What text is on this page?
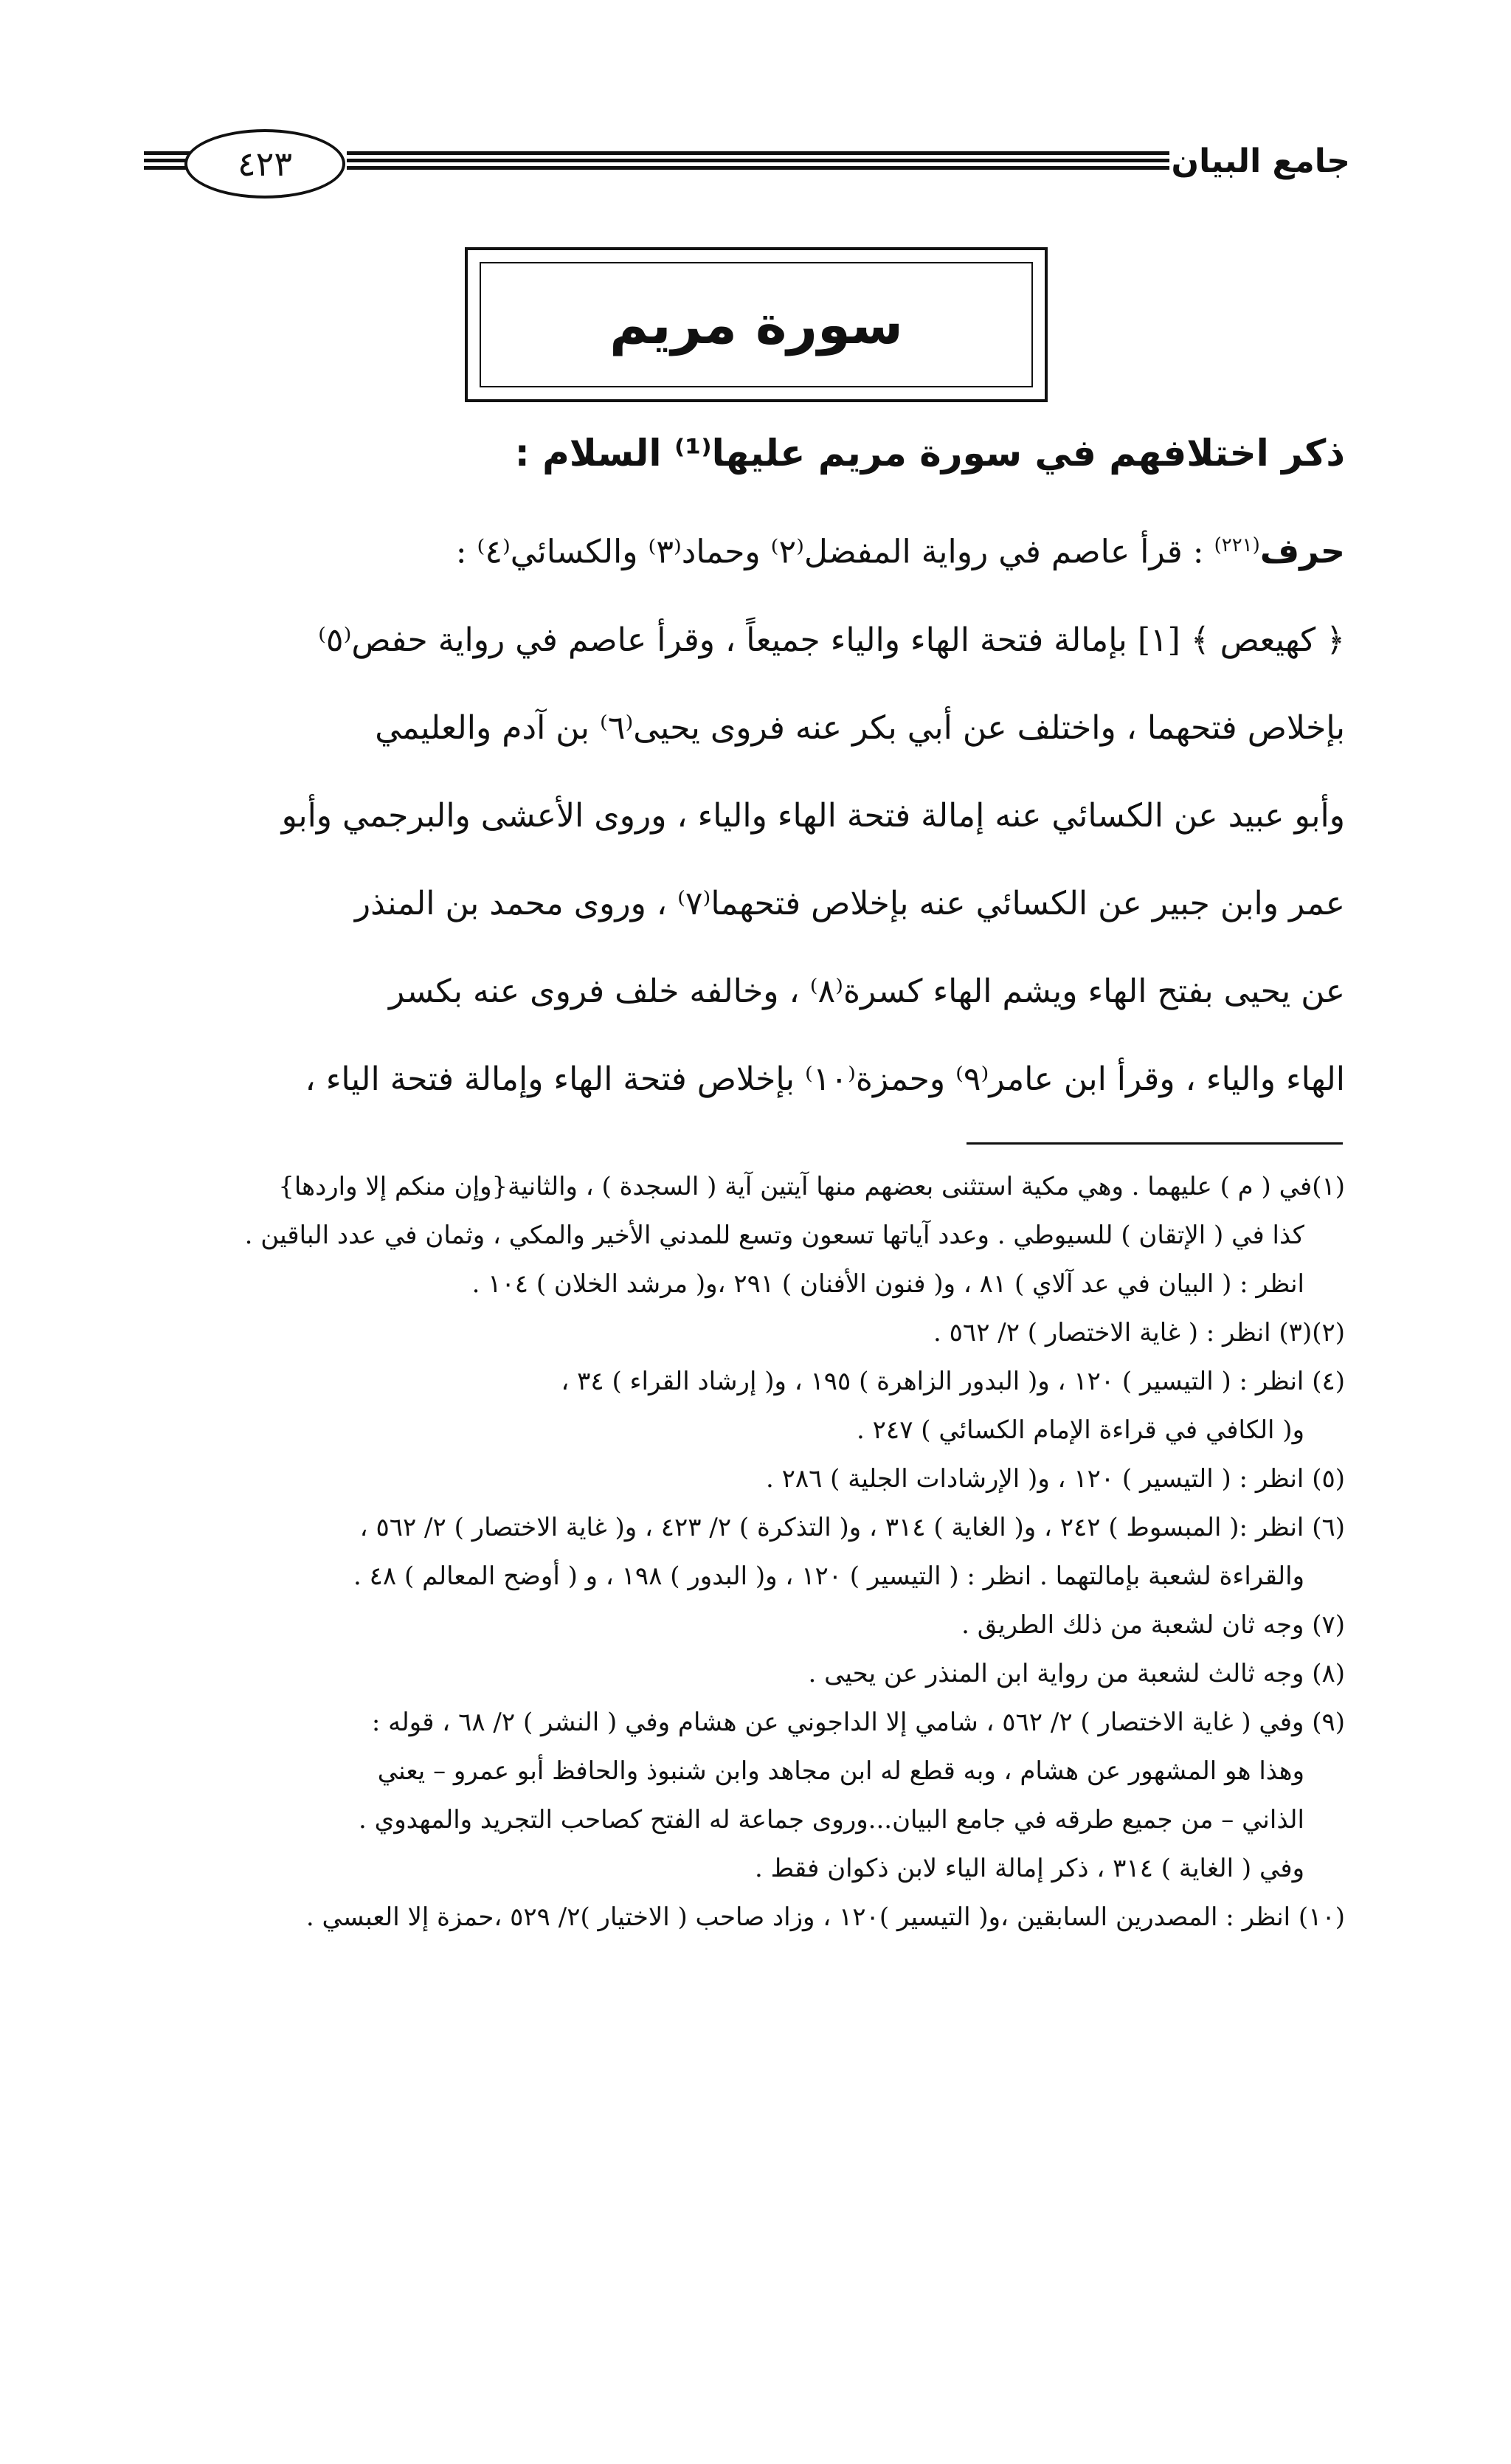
جامع البيان
٤٢٣
سورة مريم
ذكر اختلافهم في سورة مريم عليها⁽¹⁾ السلام :

حرف$^{(٢٢١)}$ : قرأ عاصم في رواية المفضل⁽٢⁾ وحماد⁽٣⁾ والكسائي⁽٤⁾ :

﴿ كهيعص ﴾ [١] بإمالة فتحة الهاء والياء جميعاً ، وقرأ عاصم في رواية حفص⁽٥⁾

بإخلاص فتحهما ، واختلف عن أبي بكر عنه فروى يحيى⁽٦⁾ بن آدم والعليمي

وأبو عبيد عن الكسائي عنه إمالة فتحة الهاء والياء ، وروى الأعشى والبرجمي وأبو

عمر وابن جبير عن الكسائي عنه بإخلاص فتحهما⁽٧⁾ ، وروى محمد بن المنذر

عن يحيى بفتح الهاء ويشم الهاء كسرة⁽٨⁾ ، وخالفه خلف فروى عنه بكسر

الهاء والياء ، وقرأ ابن عامر⁽٩⁾ وحمزة⁽١٠⁾ بإخلاص فتحة الهاء وإمالة فتحة الياء ،

(١)في ( م ) عليهما . وهي مكية استثنى بعضهم منها آيتين آية ( السجدة ) ، والثانية{وإن منكم إلا واردها}

كذا في ( الإتقان ) للسيوطي . وعدد آياتها تسعون وتسع للمدني الأخير والمكي ، وثمان في عدد الباقين .

انظر : ( البيان في عد آلاي ) ٨١ ، و( فنون الأفنان ) ٢٩١ ،و( مرشد الخلان ) ١٠٤ .

(٢)(٣) انظر : ( غاية الاختصار ) ٢/ ٥٦٢ .

(٤) انظر : ( التيسير ) ١٢٠ ، و( البدور الزاهرة ) ١٩٥ ، و( إرشاد القراء ) ٣٤ ،

و( الكافي في قراءة الإمام الكسائي ) ٢٤٧ .

(٥) انظر : ( التيسير ) ١٢٠ ، و( الإرشادات الجلية ) ٢٨٦ .

(٦) انظر :( المبسوط ) ٢٤٢ ، و( الغاية ) ٣١٤ ، و( التذكرة ) ٢/ ٤٢٣ ، و( غاية الاختصار ) ٢/ ٥٦٢ ،

والقراءة لشعبة بإمالتهما . انظر : ( التيسير ) ١٢٠ ، و( البدور ) ١٩٨ ، و ( أوضح المعالم ) ٤٨ .

(٧) وجه ثان لشعبة من ذلك الطريق .

(٨) وجه ثالث لشعبة من رواية ابن المنذر عن يحيى .

(٩) وفي ( غاية الاختصار ) ٢/ ٥٦٢ ، شامي إلا الداجوني عن هشام وفي ( النشر ) ٢/ ٦٨ ، قوله :

وهذا هو المشهور عن هشام ، وبه قطع له ابن مجاهد وابن شنبوذ والحافظ أبو عمرو – يعني

الذاني – من جميع طرقه في جامع البيان...وروى جماعة له الفتح كصاحب التجريد والمهدوي .

وفي ( الغاية ) ٣١٤ ، ذكر إمالة الياء لابن ذكوان فقط .

(١٠) انظر : المصدرين السابقين ،و( التيسير )١٢٠ ، وزاد صاحب ( الاختيار )٢/ ٥٢٩ ،حمزة إلا العبسي .
